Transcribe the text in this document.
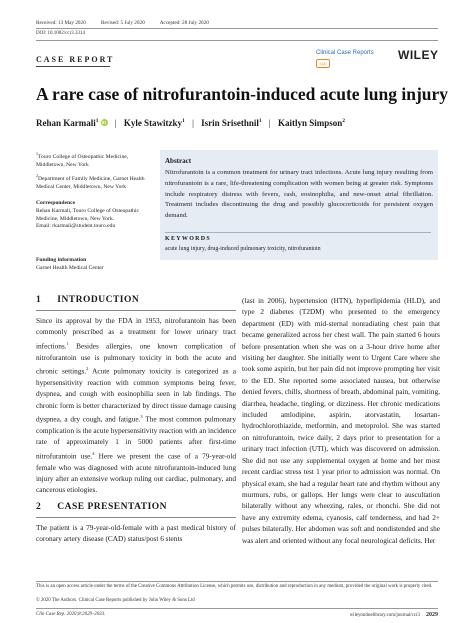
Received: 13 May 2020	Revised: 5 July 2020	Accepted: 28 July 2020
DOI: 10.1002/ccr3.3314
CASE REPORT
Clinical Case Reports
OA
WILEY
A rare case of nitrofurantoin-induced acute lung injury
Rehan Karmali$^1$ iD | Kyle Stawitzky$^1$ | Isrin Srisethnil$^1$ | Kaitlyn Simpson$^2$
$^1$Touro College of Osteopathic Medicine, Middletown, New York
$^2$Department of Family Medicine, Garnet Health Medical Center, Middletown, New York
Correspondence
Rehan Karmali, Touro College of Osteopathic Medicine, Middletown, New York.
Email: rkarmali@student.touro.edu
Funding information
Garnet Health Medical Center
Abstract
Nitrofurantoin is a common treatment for urinary tract infections. Acute lung injury resulting from nitrofurantoin is a rare, life-threatening complication with women being at greater risk. Symptoms include respiratory distress with fevers, rash, eosinophilia, and new-onset atrial fibrillation. Treatment includes discontinuing the drug and possibly glucocorticoids for persistent oxygen demand.
KEYWORDS
acute lung injury, drug-induced pulmonary toxicity, nitrofurantoin
1 INTRODUCTION
Since its approval by the FDA in 1953, nitrofurantoin has been commonly prescribed as a treatment for lower urinary tract infections.$^1$ Besides allergies, one known complication of nitrofurantoin use is pulmonary toxicity in both the acute and chronic settings.$^2$ Acute pulmonary toxicity is categorized as a hypersensitivity reaction with common symptoms being fever, dyspnea, and cough with eosinophilia seen in lab findings. The chronic form is better characterized by direct tissue damage causing dyspnea, a dry cough, and fatigue.$^3$ The most common pulmonary complication is the acute hypersensitivity reaction with an incidence rate of approximately 1 in 5000 patients after first-time nitrofurantoin use.$^4$ Here we present the case of a 79-year-old female who was diagnosed with acute nitrofurantoin-induced lung injury after an extensive workup ruling out cardiac, pulmonary, and cancerous etiologies.
2 CASE PRESENTATION
The patient is a 79-year-old-female with a past medical history of coronary artery disease (CAD) status/post 6 stents
(last in 2006), hypertension (HTN), hyperlipidemia (HLD), and type 2 diabetes (T2DM) who presented to the emergency department (ED) with mid-sternal nonradiating chest pain that became generalized across her chest wall. The pain started 6 hours before presentation when she was on a 3-hour drive home after visiting her daughter. She initially went to Urgent Care where she took some aspirin, but her pain did not improve prompting her visit to the ED. She reported some associated nausea, but otherwise denied fevers, chills, shortness of breath, abdominal pain, vomiting, diarrhea, headache, tingling, or dizziness. Her chronic medications included amlodipine, aspirin, atorvastatin, losartan-hydrochlorothiazide, metformin, and metoprolol. She was started on nitrofurantoin, twice daily, 2 days prior to presentation for a urinary tract infection (UTI), which was discovered on admission. She did not use any supplemental oxygen at home and her most recent cardiac stress test 1 year prior to admission was normal. On physical exam, she had a regular heart rate and rhythm without any murmurs, rubs, or gallops. Her lungs were clear to auscultation bilaterally without any wheezing, rales, or rhonchi. She did not have any extremity edema, cyanosis, calf tenderness, and had 2+ pulses bilaterally. Her abdomen was soft and nondistended and she was alert and oriented without any focal neurological deficits. Her
This is an open access article under the terms of the Creative Commons Attribution License, which permits use, distribution and reproduction in any medium, provided the original work is properly cited.
© 2020 The Authors. Clinical Case Reports published by John Wiley & Sons Ltd
Clin Case Rep. 2020;8:2029–2033.	wileyonlinelibrary.com/journal/ccr3 2029
